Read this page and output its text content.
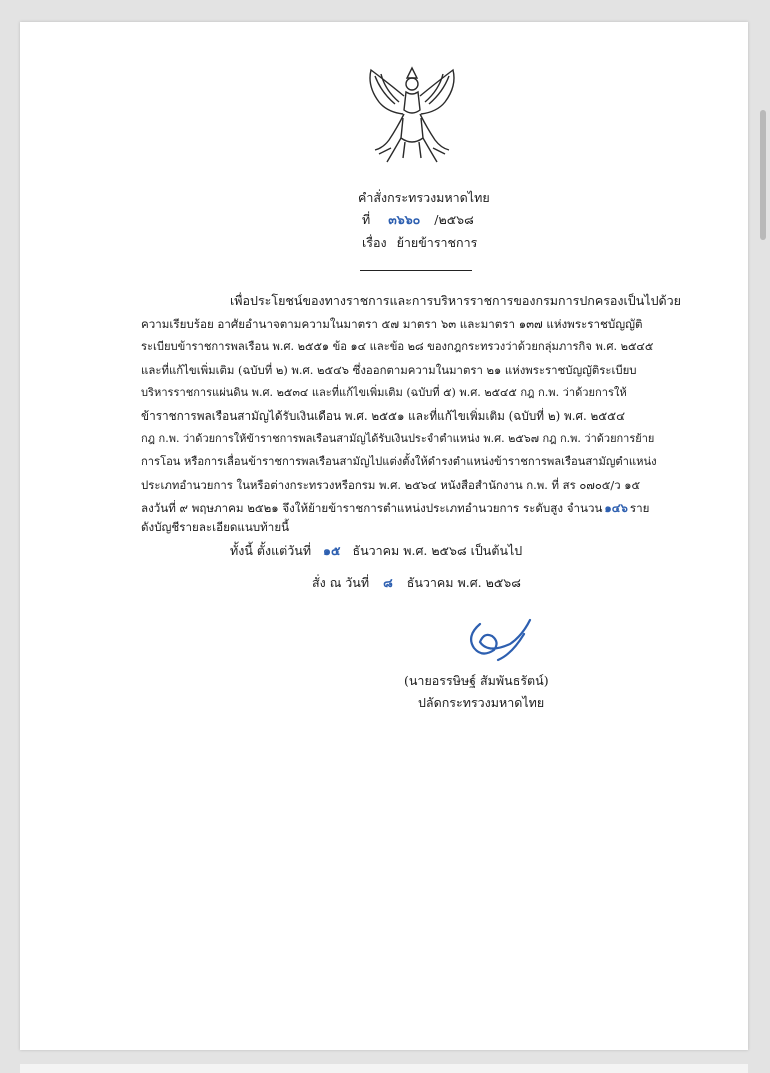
คำสั่งกระทรวงมหาดไทย
ที่ ๓๖๖๐ /๒๕๖๘
เรื่อง ย้ายข้าราชการ
เพื่อประโยชน์ของทางราชการและการบริหารราชการของกรมการปกครองเป็นไปด้วย
ความเรียบร้อย อาศัยอำนาจตามความในมาตรา ๕๗ มาตรา ๖๓ และมาตรา ๑๓๗ แห่งพระราชบัญญัติ
ระเบียบข้าราชการพลเรือน พ.ศ. ๒๕๕๑ ข้อ ๑๔ และข้อ ๒๘ ของกฎกระทรวงว่าด้วยกลุ่มภารกิจ พ.ศ. ๒๕๔๕
และที่แก้ไขเพิ่มเติม (ฉบับที่ ๒) พ.ศ. ๒๕๔๖ ซึ่งออกตามความในมาตรา ๒๑ แห่งพระราชบัญญัติระเบียบ
บริหารราชการแผ่นดิน พ.ศ. ๒๕๓๔ และที่แก้ไขเพิ่มเติม (ฉบับที่ ๕) พ.ศ. ๒๕๔๕ กฎ ก.พ. ว่าด้วยการให้
ข้าราชการพลเรือนสามัญได้รับเงินเดือน พ.ศ. ๒๕๕๑ และที่แก้ไขเพิ่มเติม (ฉบับที่ ๒) พ.ศ. ๒๕๕๔
กฎ ก.พ. ว่าด้วยการให้ข้าราชการพลเรือนสามัญได้รับเงินประจำตำแหน่ง พ.ศ. ๒๕๖๗ กฎ ก.พ. ว่าด้วยการย้าย
การโอน หรือการเลื่อนข้าราชการพลเรือนสามัญไปแต่งตั้งให้ดำรงตำแหน่งข้าราชการพลเรือนสามัญตำแหน่ง
ประเภทอำนวยการ ในหรือต่างกระทรวงหรือกรม พ.ศ. ๒๕๖๔ หนังสือสำนักงาน ก.พ. ที่ สร ๐๗๐๕/ว ๑๕
ลงวันที่ ๙ พฤษภาคม ๒๕๒๑ จึงให้ย้ายข้าราชการตำแหน่งประเภทอำนวยการ ระดับสูง จำนวน ๑๔๖ ราย
ดังบัญชีรายละเอียดแนบท้ายนี้
ทั้งนี้ ตั้งแต่วันที่ ๑๕ ธันวาคม พ.ศ. ๒๕๖๘ เป็นต้นไป
สั่ง ณ วันที่ ๘ ธันวาคม พ.ศ. ๒๕๖๘
(นายอรรษิษฐ์ สัมพันธรัตน์)
ปลัดกระทรวงมหาดไทย
